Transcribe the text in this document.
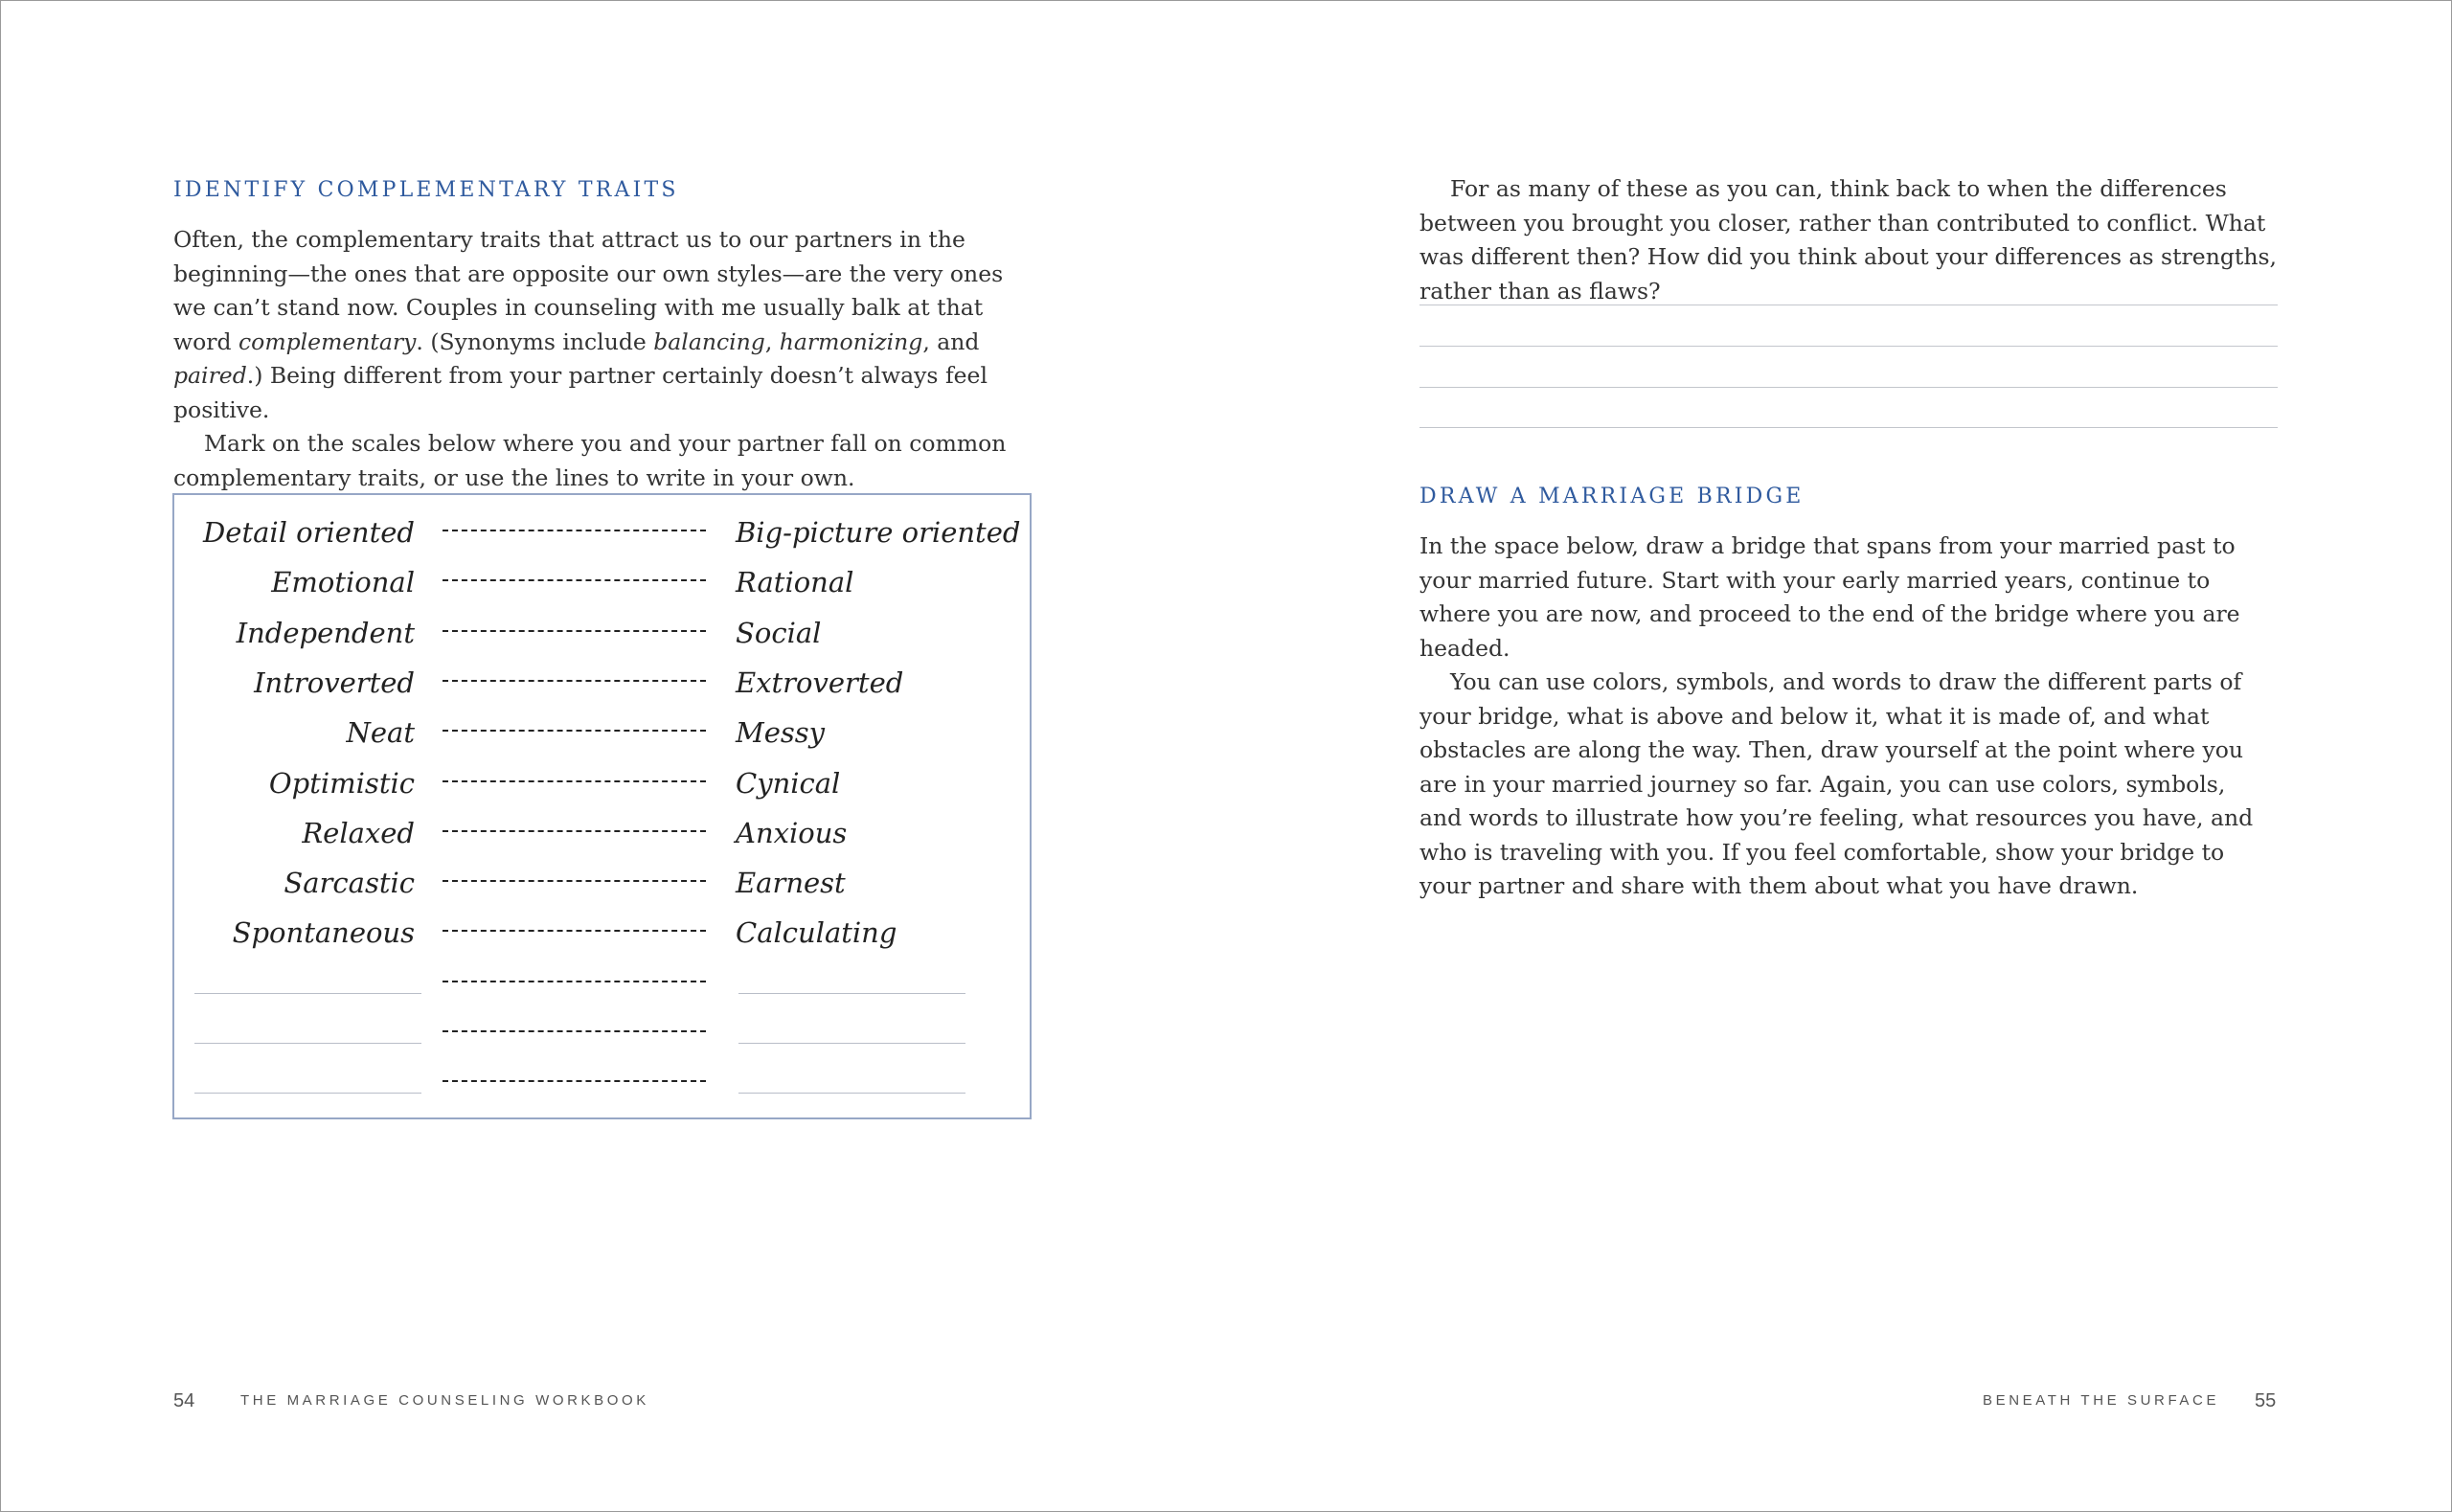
IDENTIFY COMPLEMENTARY TRAITS

Often, the complementary traits that attract us to our partners in the beginning—the ones that are opposite our own styles—are the very ones we can’t stand now. Couples in counseling with me usually balk at that word complementary. (Synonyms include balancing, harmonizing, and paired.) Being different from your partner certainly doesn’t always feel positive.

Mark on the scales below where you and your partner fall on common complementary traits, or use the lines to write in your own.

Detail oriented	Big-picture oriented
Emotional	Rational
Independent	Social
Introverted	Extroverted
Neat	Messy
Optimistic	Cynical
Relaxed	Anxious
Sarcastic	Earnest
Spontaneous	Calculating
54	THE MARRIAGE COUNSELING WORKBOOK
For as many of these as you can, think back to when the differences between you brought you closer, rather than contributed to conflict. What was different then? How did you think about your differences as strengths, rather than as flaws?
DRAW A MARRIAGE BRIDGE

In the space below, draw a bridge that spans from your married past to your married future. Start with your early married years, continue to where you are now, and proceed to the end of the bridge where you are headed.

You can use colors, symbols, and words to draw the different parts of your bridge, what is above and below it, what it is made of, and what obstacles are along the way. Then, draw yourself at the point where you are in your married journey so far. Again, you can use colors, symbols, and words to illustrate how you’re feeling, what resources you have, and who is traveling with you. If you feel comfortable, show your bridge to your partner and share with them about what you have drawn.

BENEATH THE SURFACE 55
